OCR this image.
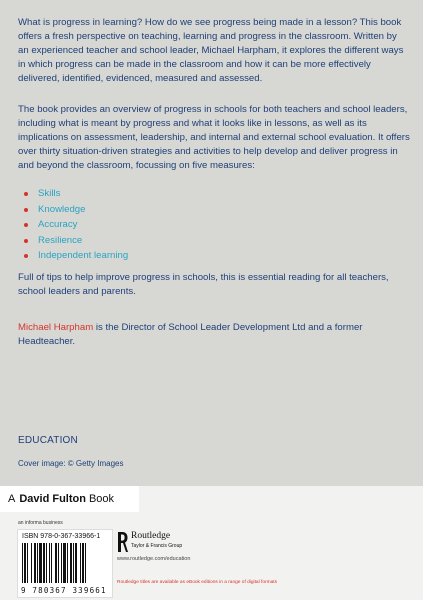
What is progress in learning? How do we see progress being made in a lesson? This book offers a fresh perspective on teaching, learning and progress in the classroom. Written by an experienced teacher and school leader, Michael Harpham, it explores the different ways in which progress can be made in the classroom and how it can be more effectively delivered, identified, evidenced, measured and assessed.

The book provides an overview of progress in schools for both teachers and school leaders, including what is meant by progress and what it looks like in lessons, as well as its implications on assessment, leadership, and internal and external school evaluation. It offers over thirty situation-driven strategies and activities to help develop and deliver progress in and beyond the classroom, focussing on five measures:

Skills
Knowledge
Accuracy
Resilience
Independent learning

Full of tips to help improve progress in schools, this is essential reading for all teachers, school leaders and parents.

Michael Harpham is the Director of School Leader Development Ltd and a former Headteacher.

EDUCATION
Cover image: © Getty Images
A David Fulton Book
an informa business
ISBN 978-0-367-33966-1
9 780367 339661
Routledge
Taylor & Francis Group
www.routledge.com/education
Routledge titles are available as eBook editions in a range of digital formats
